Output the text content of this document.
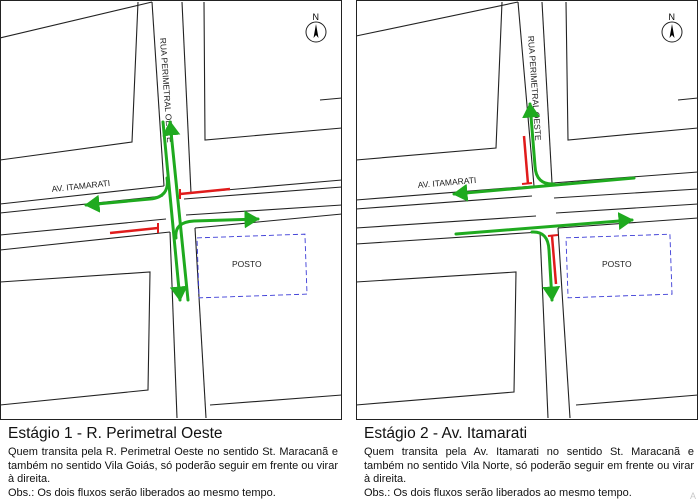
RUA PERIMETRAL OESTE
AV. ITAMARATI
POSTO
N
Estágio 1 - R. Perimetral Oeste

Quem transita pela R. Perimetral Oeste no sentido St. Maracanã e também no sentido Vila Goiás, só poderão seguir em frente ou virar à direita.

Obs.: Os dois fluxos serão liberados ao mesmo tempo.

RUA PERIMETRAL OESTE
AV. ITAMARATI
POSTO
N
Estágio 2 - Av. Itamarati

Quem transita pela Av. Itamarati no sentido St. Maracanã e também no sentido Vila Norte, só poderão seguir em frente ou virar à direita.

Obs.: Os dois fluxos serão liberados ao mesmo tempo.	A
